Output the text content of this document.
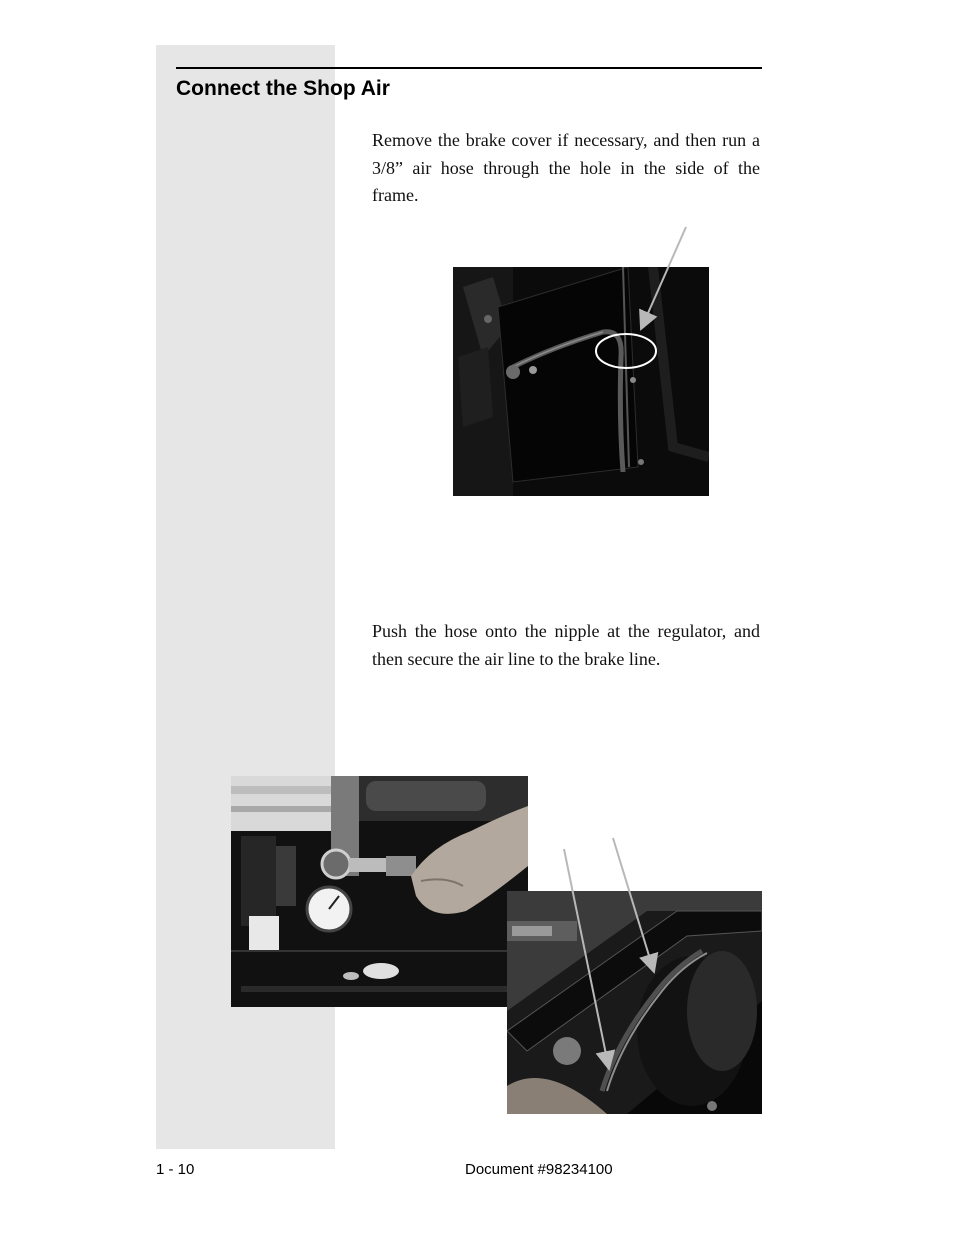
Connect the Shop Air

Remove the brake cover if necessary, and then run a 3/8” air hose through the hole in the side of the frame.

Push the hose onto the nipple at the regulator, and then secure the air line to the brake line.

1 - 10	Document #98234100
